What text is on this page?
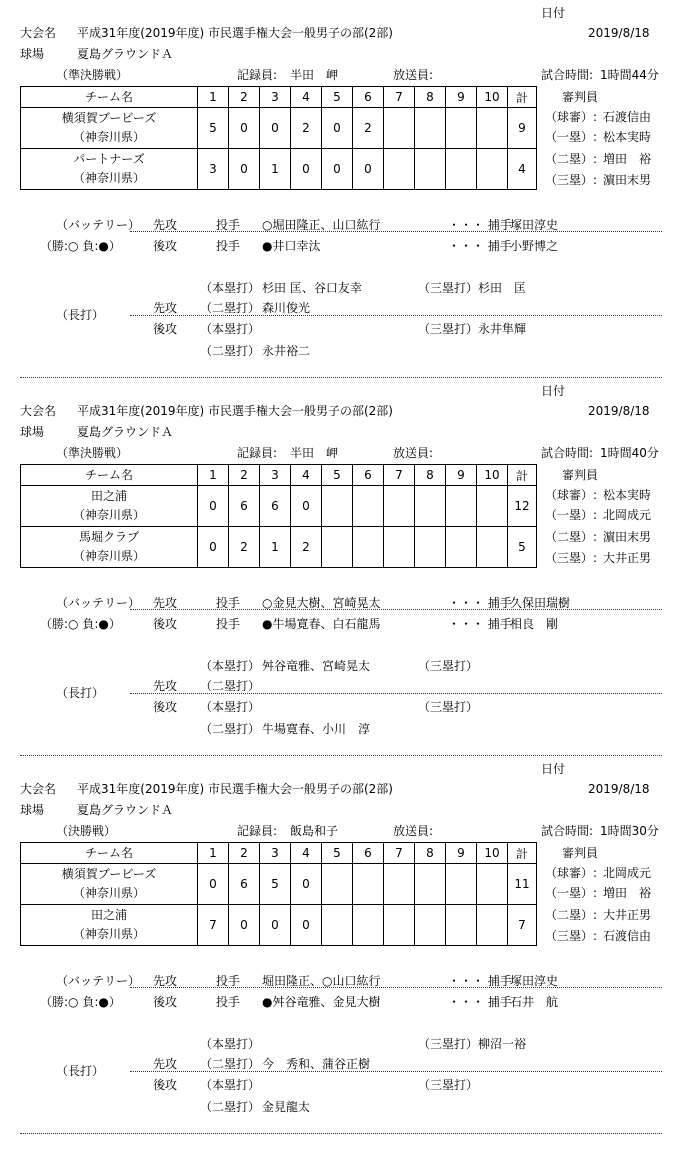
日付
2019/8/18
大会名 平成31年度(2019年度) 市民選手権大会一般男子の部(2部)
球場	夏島グラウンドＡ
（準決勝戦）	記録員: 半田　岬	放送員:	試合時間: 1時間44分
審判員
（球審）: 石渡信由
（一塁）: 松本実時
（二塁）: 増田　裕
（三塁）: 濵田末男
チーム名	1	2	3	4	5	6	7	8	9	10	計
横須賀ブービーズ
（神奈川県）	5	0	0	2	0	2					9
パートナーズ
（神奈川県）	3	0	1	0	0	0					4
（バッテリー）
（勝:○ 負:●）
先攻	投手 ○堀田隆正、山口紘行	・・・ 捕手
塚田淳史
後攻	投手 ●井口幸汰	・・・ 捕手
小野博之
（長打）
（本塁打） 杉田 匡、谷口友幸	（三塁打） 杉田　匡
先攻 （二塁打） 森川俊光
後攻 （本塁打）	（三塁打） 永井隼輝
（二塁打） 永井裕二
日付
2019/8/18
大会名 平成31年度(2019年度) 市民選手権大会一般男子の部(2部)
球場	夏島グラウンドＡ
（準決勝戦）	記録員: 半田　岬	放送員:	試合時間: 1時間40分
審判員
（球審）: 松本実時
（一塁）: 北岡成元
（二塁）: 濵田末男
（三塁）: 大井正男
チーム名	1	2	3	4	5	6	7	8	9	10	計
田之浦
（神奈川県）	0	6	6	0							12
馬堀クラブ
（神奈川県）	0	2	1	2							5
（バッテリー）
（勝:○ 負:●）
先攻	投手 ○金見大樹、宮崎晃太	・・・ 捕手
久保田瑞樹
後攻	投手 ●牛場寛春、白石龍馬	・・・ 捕手
相良　剛
（長打）
（本塁打） 舛谷竜雅、宮崎晃太	（三塁打）
先攻 （二塁打）
後攻 （本塁打）	（三塁打）
（二塁打） 牛場寛春、小川　淳
日付
2019/8/18
大会名 平成31年度(2019年度) 市民選手権大会一般男子の部(2部)
球場	夏島グラウンドＡ
（決勝戦）	記録員: 飯島和子	放送員:	試合時間: 1時間30分
審判員
（球審）: 北岡成元
（一塁）: 増田　裕
（二塁）: 大井正男
（三塁）: 石渡信由
チーム名	1	2	3	4	5	6	7	8	9	10	計
横須賀ブービーズ
（神奈川県）	0	6	5	0							11
田之浦
（神奈川県）	7	0	0	0							7
（バッテリー）
（勝:○ 負:●）
先攻	投手 堀田隆正、○山口紘行	・・・ 捕手
塚田淳史
後攻	投手 ●舛谷竜雅、金見大樹	・・・ 捕手
石井　航
（長打）
（本塁打）	（三塁打） 柳沼一裕
先攻 （二塁打） 今　秀和、蒲谷正樹
後攻 （本塁打）	（三塁打）
（二塁打） 金見龍太
